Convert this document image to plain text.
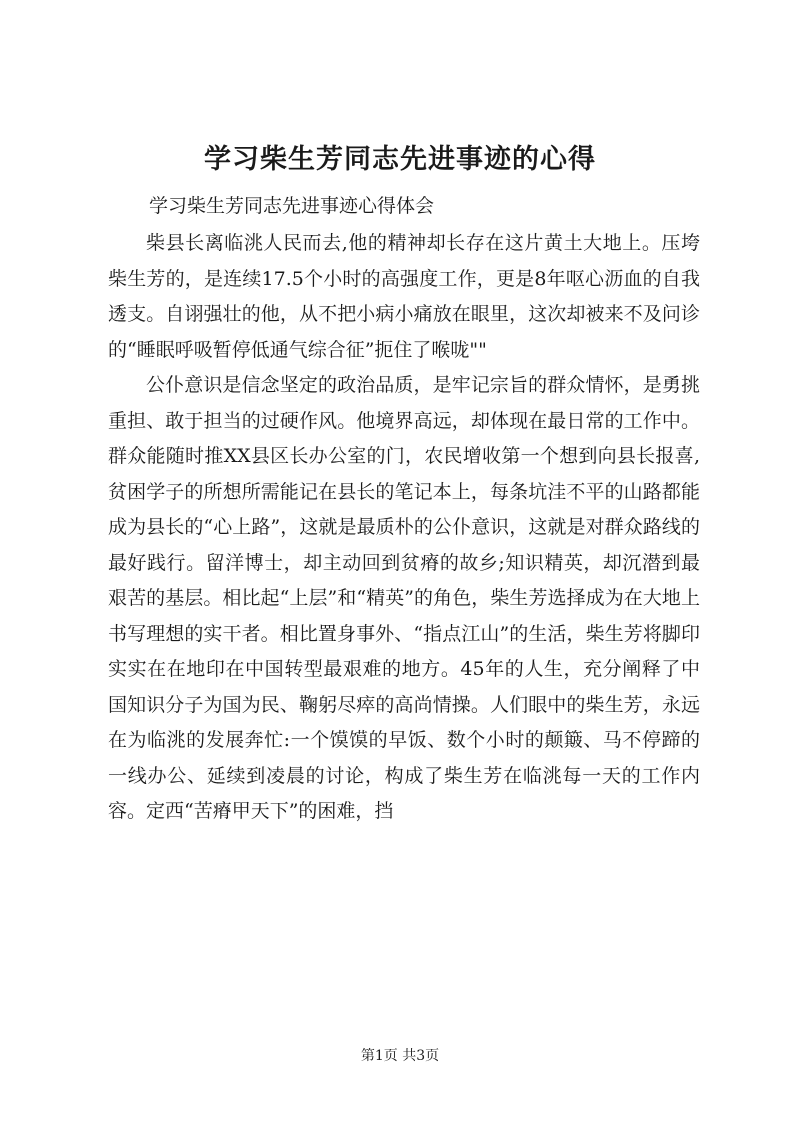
学习柴生芳同志先进事迹的心得
学习柴生芳同志先进事迹心得体会

柴县长离临洮人民而去,他的精神却长存在这片黄土大地上。压垮柴生芳的，是连续17.5个小时的高强度工作，更是8年呕心沥血的自我透支。自诩强壮的他，从不把小病小痛放在眼里，这次却被来不及问诊的“睡眠呼吸暂停低通气综合征”扼住了喉咙""

公仆意识是信念坚定的政治品质，是牢记宗旨的群众情怀，是勇挑重担、敢于担当的过硬作风。他境界高远，却体现在最日常的工作中。群众能随时推XX县区长办公室的门，农民增收第一个想到向县长报喜,贫困学子的所想所需能记在县长的笔记本上，每条坑洼不平的山路都能成为县长的“心上路”，这就是最质朴的公仆意识，这就是对群众路线的最好践行。留洋博士，却主动回到贫瘠的故乡;知识精英，却沉潜到最艰苦的基层。相比起“上层”和“精英”的角色，柴生芳选择成为在大地上书写理想的实干者。相比置身事外、“指点江山”的生活，柴生芳将脚印实实在在地印在中国转型最艰难的地方。45年的人生，充分阐释了中国知识分子为国为民、鞠躬尽瘁的高尚情操。人们眼中的柴生芳，永远在为临洮的发展奔忙:一个馍馍的早饭、数个小时的颠簸、马不停蹄的一线办公、延续到凌晨的讨论，构成了柴生芳在临洮每一天的工作内容。定西“苦瘠甲天下”的困难，挡

第1页 共3页
